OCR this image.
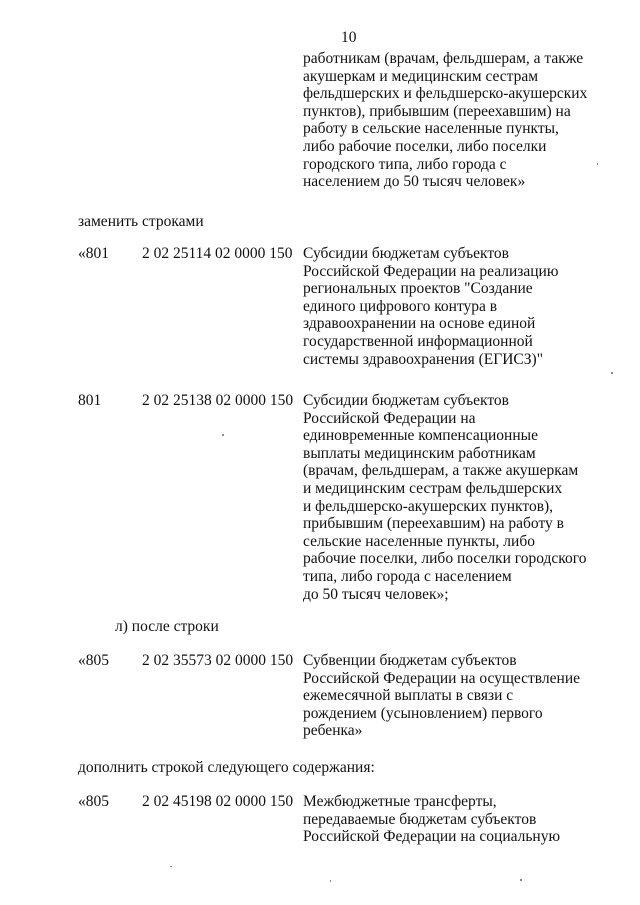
10

работникам (врачам, фельдшерам, а также
акушеркам и медицинским сестрам
фельдшерских и фельдшерско-акушерских
пунктов), прибывшим (переехавшим) на
работу в сельские населенные пункты,
либо рабочие поселки, либо поселки
городского типа, либо города с
населением до 50 тысяч человек»

заменить строками

«801 2 02 25114 02 0000 150 Субсидии бюджетам субъектов
Российской Федерации на реализацию
региональных проектов "Создание
единого цифрового контура в
здравоохранении на основе единой
государственной информационной
системы здравоохранения (ЕГИСЗ)"

801	2 02 25138 02 0000 150 Субсидии бюджетам субъектов
Российской Федерации на
единовременные компенсационные
выплаты медицинским работникам
(врачам, фельдшерам, а также акушеркам
и медицинским сестрам фельдшерских
и фельдшерско-акушерских пунктов),
прибывшим (переехавшим) на работу в
сельские населенные пункты, либо
рабочие поселки, либо поселки городского
типа, либо города с населением
до 50 тысяч человек»;

л) после строки

«805 2 02 35573 02 0000 150 Субвенции бюджетам субъектов
Российской Федерации на осуществление
ежемесячной выплаты в связи с
рождением (усыновлением) первого
ребенка»

дополнить строкой следующего содержания:

«805 2 02 45198 02 0000 150 Межбюджетные трансферты,
передаваемые бюджетам субъектов
Российской Федерации на социальную
